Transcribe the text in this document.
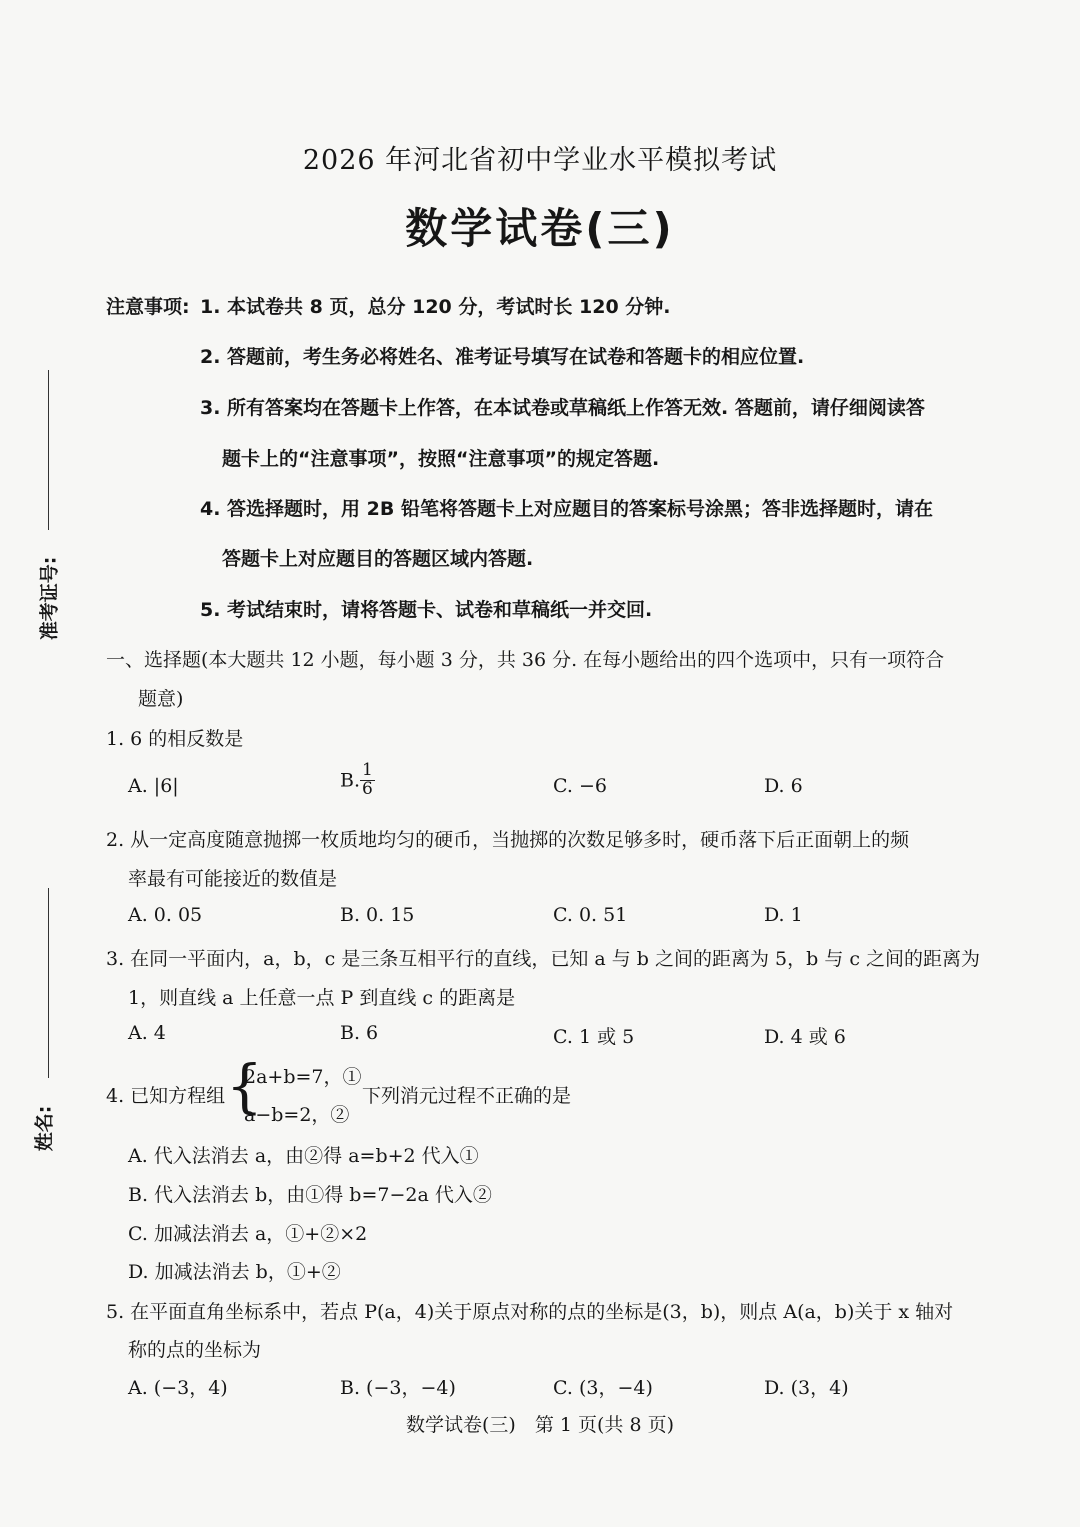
2026 年河北省初中学业水平模拟考试
数学试卷(三)
准考证号:
姓名:
注意事项: 1. 本试卷共 8 页，总分 120 分，考试时长 120 分钟.
2. 答题前，考生务必将姓名、准考证号填写在试卷和答题卡的相应位置.
3. 所有答案均在答题卡上作答，在本试卷或草稿纸上作答无效. 答题前，请仔细阅读答
题卡上的“注意事项”，按照“注意事项”的规定答题.
4. 答选择题时，用 2B 铅笔将答题卡上对应题目的答案标号涂黑；答非选择题时，请在
答题卡上对应题目的答题区域内答题.
5. 考试结束时，请将答题卡、试卷和草稿纸一并交回.
一、选择题(本大题共 12 小题，每小题 3 分，共 36 分. 在每小题给出的四个选项中，只有一项符合
题意)
1. 6 的相反数是
A. |6|	B. $\frac{1}{6}$	C. −6	D. 6
2. 从一定高度随意抛掷一枚质地均匀的硬币，当抛掷的次数足够多时，硬币落下后正面朝上的频
率最有可能接近的数值是
A. 0. 05	B. 0. 15	C. 0. 51	D. 1
3. 在同一平面内，a，b，c 是三条互相平行的直线，已知 a 与 b 之间的距离为 5，b 与 c 之间的距离为
1，则直线 a 上任意一点 P 到直线 c 的距离是
A. 4	B. 6	C. 1 或 5	D. 4 或 6
4. 已知方程组 {
2a+b=7，①
a−b=2，②
下列消元过程不正确的是
A. 代入法消去 a，由②得 a=b+2 代入①
B. 代入法消去 b，由①得 b=7−2a 代入②
C. 加减法消去 a，①+②×2
D. 加减法消去 b，①+②
5. 在平面直角坐标系中，若点 P(a，4)关于原点对称的点的坐标是(3，b)，则点 A(a，b)关于 x 轴对
称的点的坐标为
A. (−3，4)	B. (−3，−4)	C. (3，−4)	D. (3，4)
数学试卷(三)　第 1 页(共 8 页)
